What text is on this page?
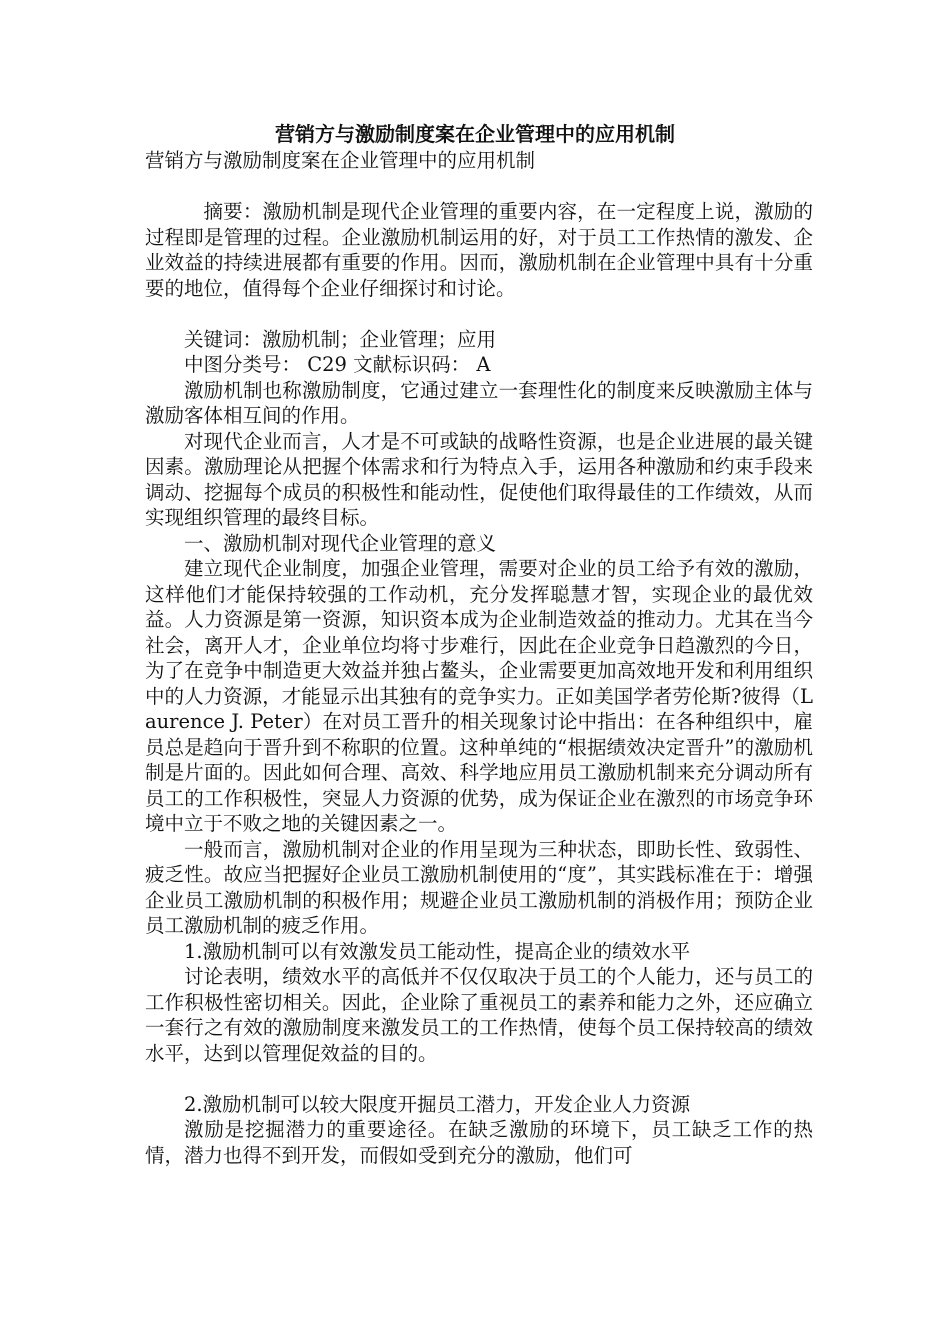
营销方与激励制度案在企业管理中的应用机制

营销方与激励制度案在企业管理中的应用机制

摘要：激励机制是现代企业管理的重要内容，在一定程度上说，激励的过程即是管理的过程。企业激励机制运用的好，对于员工工作热情的激发、企业效益的持续进展都有重要的作用。因而，激励机制在企业管理中具有十分重要的地位，值得每个企业仔细探讨和讨论。

关键词：激励机制；企业管理；应用

中图分类号： C29 文献标识码： A

激励机制也称激励制度，它通过建立一套理性化的制度来反映激励主体与激励客体相互间的作用。

对现代企业而言，人才是不可或缺的战略性资源，也是企业进展的最关键因素。激励理论从把握个体需求和行为特点入手，运用各种激励和约束手段来调动、挖掘每个成员的积极性和能动性，促使他们取得最佳的工作绩效，从而实现组织管理的最终目标。

一、激励机制对现代企业管理的意义

建立现代企业制度，加强企业管理，需要对企业的员工给予有效的激励，这样他们才能保持较强的工作动机，充分发挥聪慧才智，实现企业的最优效益。人力资源是第一资源，知识资本成为企业制造效益的推动力。尤其在当今社会，离开人才，企业单位均将寸步难行，因此在企业竞争日趋激烈的今日，为了在竞争中制造更大效益并独占鳌头，企业需要更加高效地开发和利用组织中的人力资源，才能显示出其独有的竞争实力。正如美国学者劳伦斯?彼得（Laurence J. Peter）在对员工晋升的相关现象讨论中指出：在各种组织中，雇员总是趋向于晋升到不称职的位置。这种单纯的“根据绩效决定晋升”的激励机制是片面的。因此如何合理、高效、科学地应用员工激励机制来充分调动所有员工的工作积极性，突显人力资源的优势，成为保证企业在激烈的市场竞争环境中立于不败之地的关键因素之一。

一般而言，激励机制对企业的作用呈现为三种状态，即助长性、致弱性、疲乏性。故应当把握好企业员工激励机制使用的“度”，其实践标准在于：增强企业员工激励机制的积极作用；规避企业员工激励机制的消极作用；预防企业员工激励机制的疲乏作用。

1.激励机制可以有效激发员工能动性，提高企业的绩效水平

讨论表明，绩效水平的高低并不仅仅取决于员工的个人能力，还与员工的工作积极性密切相关。因此，企业除了重视员工的素养和能力之外，还应确立一套行之有效的激励制度来激发员工的工作热情，使每个员工保持较高的绩效水平，达到以管理促效益的目的。

2.激励机制可以较大限度开掘员工潜力，开发企业人力资源

激励是挖掘潜力的重要途径。在缺乏激励的环境下，员工缺乏工作的热情，潜力也得不到开发，而假如受到充分的激励，他们可
